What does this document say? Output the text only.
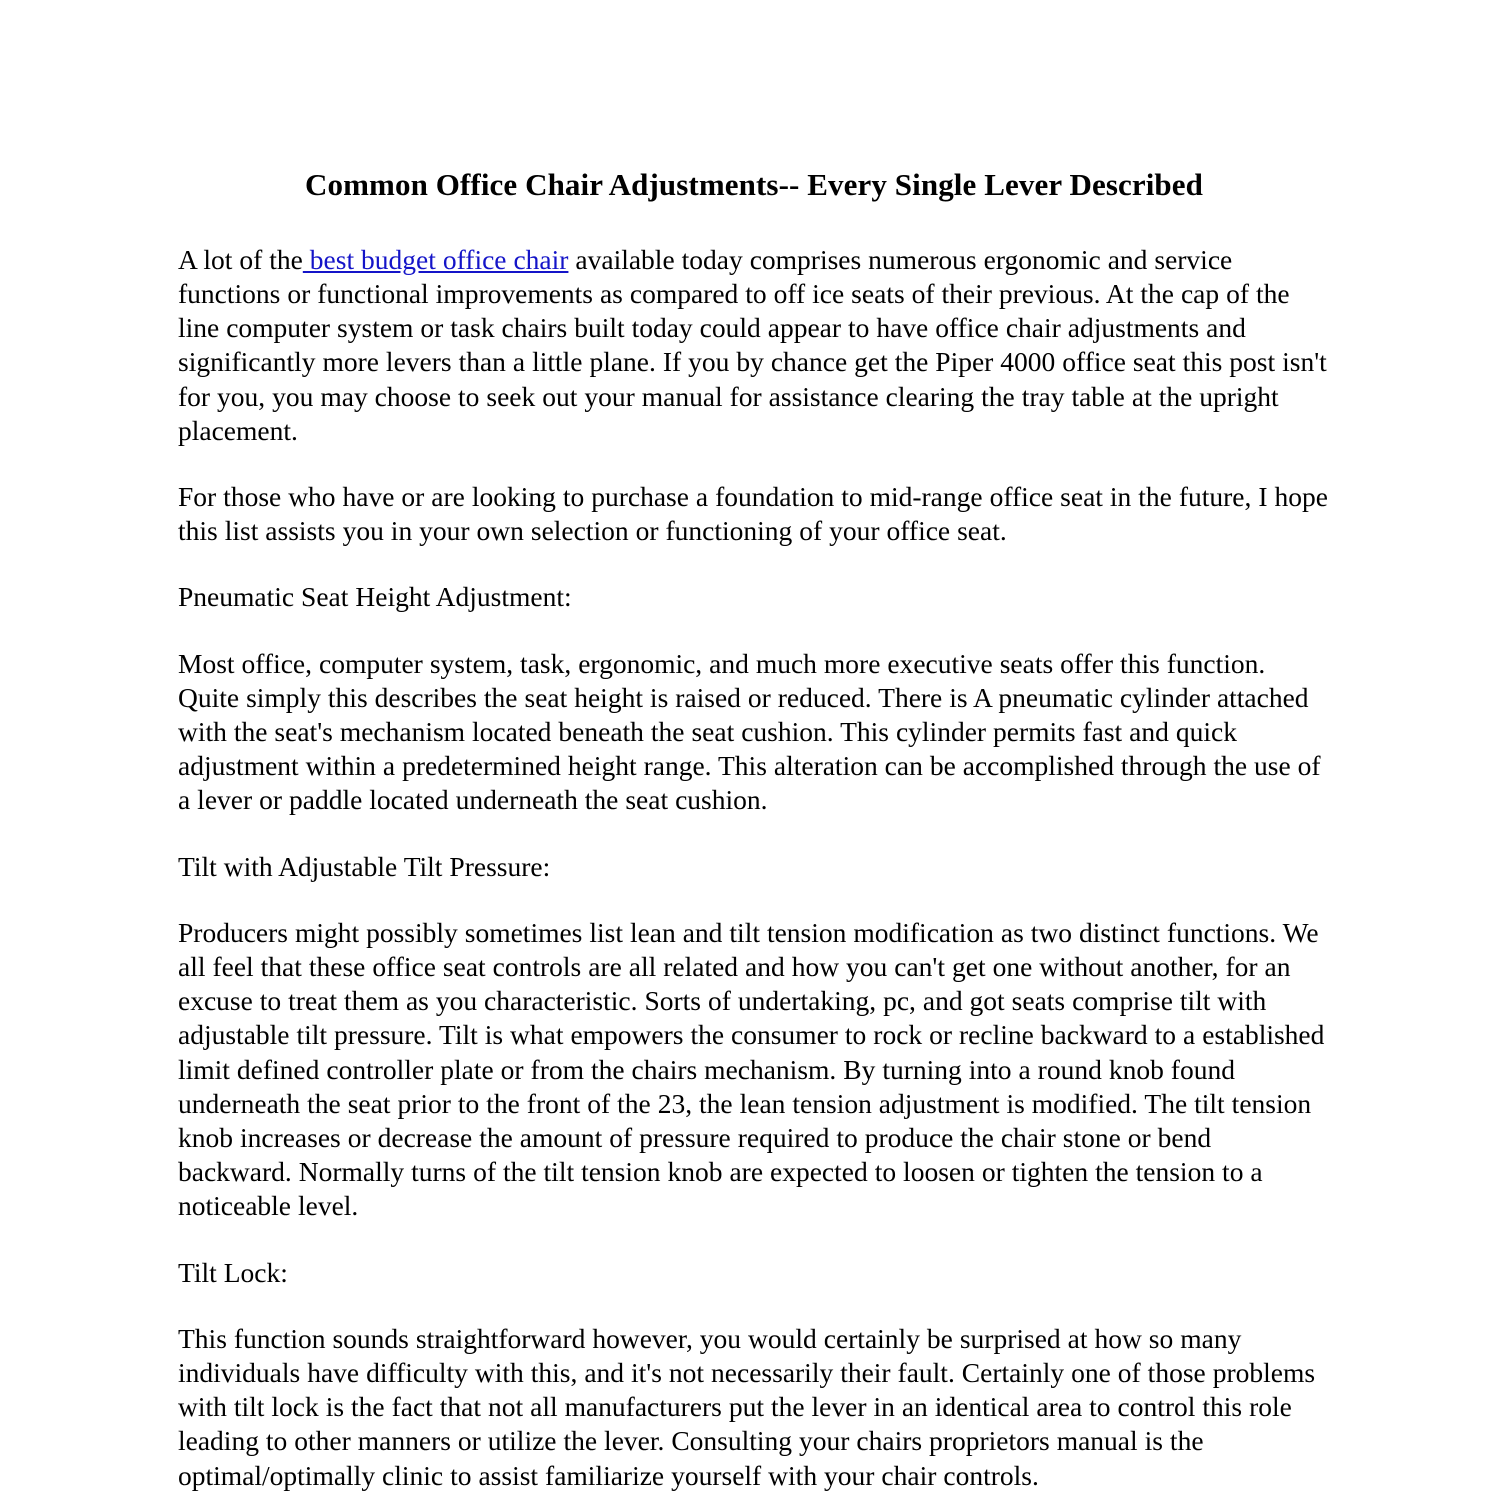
Common Office Chair Adjustments-- Every Single Lever Described

A lot of the best budget office chair available today comprises numerous ergonomic and service functions or functional improvements as compared to off ice seats of their previous. At the cap of the line computer system or task chairs built today could appear to have office chair adjustments and significantly more levers than a little plane. If you by chance get the Piper 4000 office seat this post isn't for you, you may choose to seek out your manual for assistance clearing the tray table at the upright placement.

For those who have or are looking to purchase a foundation to mid-range office seat in the future, I hope this list assists you in your own selection or functioning of your office seat.

Pneumatic Seat Height Adjustment:

Most office, computer system, task, ergonomic, and much more executive seats offer this function. Quite simply this describes the seat height is raised or reduced. There is A pneumatic cylinder attached with the seat's mechanism located beneath the seat cushion. This cylinder permits fast and quick adjustment within a predetermined height range. This alteration can be accomplished through the use of a lever or paddle located underneath the seat cushion.

Tilt with Adjustable Tilt Pressure:

Producers might possibly sometimes list lean and tilt tension modification as two distinct functions. We all feel that these office seat controls are all related and how you can't get one without another, for an excuse to treat them as you characteristic. Sorts of undertaking, pc, and got seats comprise tilt with adjustable tilt pressure. Tilt is what empowers the consumer to rock or recline backward to a established limit defined controller plate or from the chairs mechanism. By turning into a round knob found underneath the seat prior to the front of the 23, the lean tension adjustment is modified. The tilt tension knob increases or decrease the amount of pressure required to produce the chair stone or bend backward. Normally turns of the tilt tension knob are expected to loosen or tighten the tension to a noticeable level.

Tilt Lock:

This function sounds straightforward however, you would certainly be surprised at how so many individuals have difficulty with this, and it's not necessarily their fault. Certainly one of those problems with tilt lock is the fact that not all manufacturers put the lever in an identical area to control this role leading to other manners or utilize the lever. Consulting your chairs proprietors manual is the optimal/optimally clinic to assist familiarize yourself with your chair controls.
